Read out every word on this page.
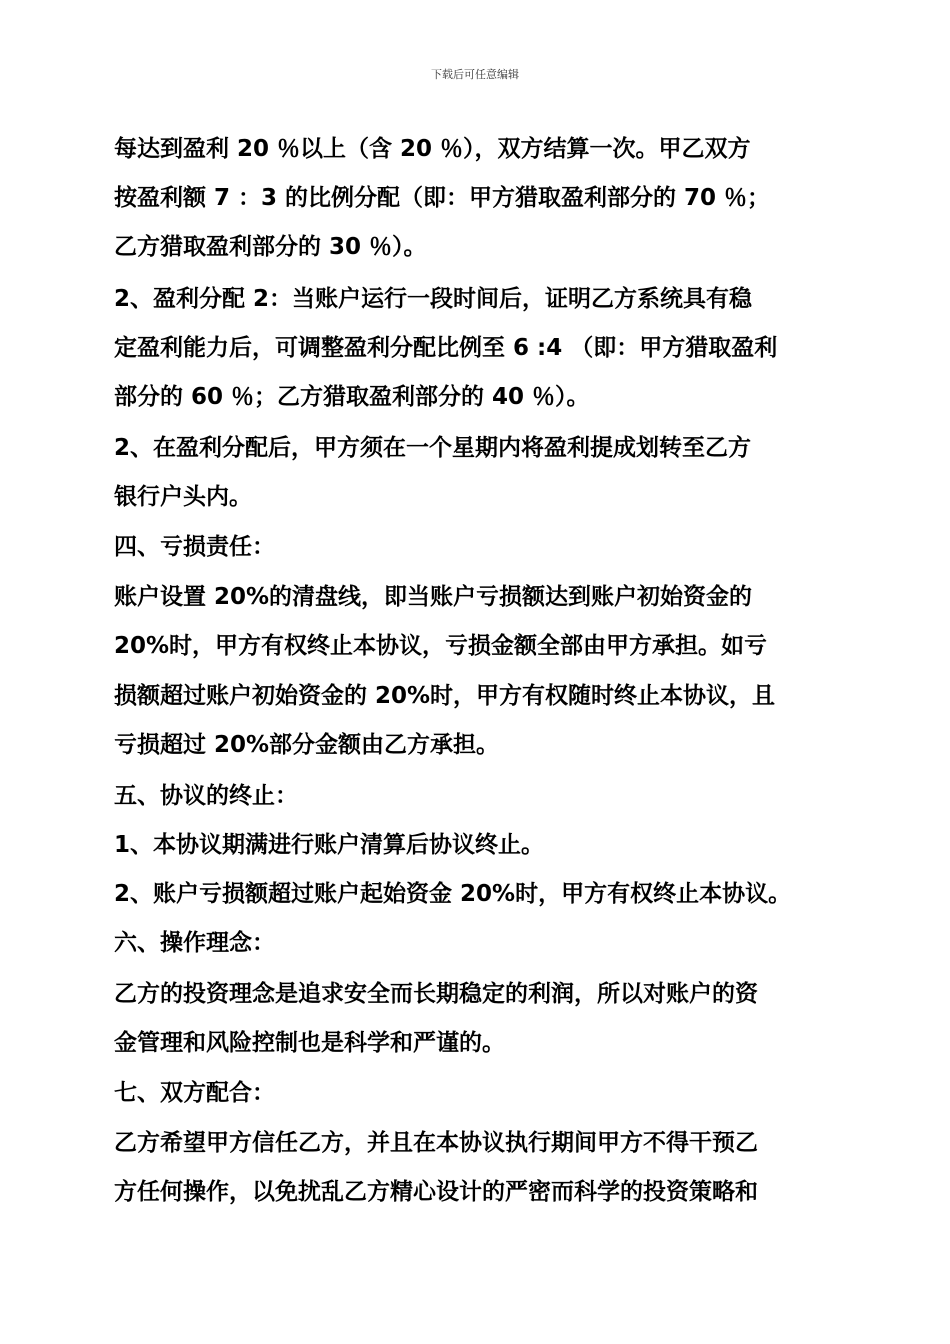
下载后可任意编辑
每达到盈利 20 ％以上（含 20 ％），双方结算一次。甲乙双方
按盈利额 7 ：3 的比例分配（即：甲方猎取盈利部分的 70 ％；
乙方猎取盈利部分的 30 ％）。
2、盈利分配 2：当账户运行一段时间后，证明乙方系统具有稳
定盈利能力后，可调整盈利分配比例至 6 :4 （即：甲方猎取盈利
部分的 60 ％；乙方猎取盈利部分的 40 ％）。
2、在盈利分配后，甲方须在一个星期内将盈利提成划转至乙方
银行户头内。
四、亏损责任：
账户设置 20%的清盘线，即当账户亏损额达到账户初始资金的
20%时，甲方有权终止本协议，亏损金额全部由甲方承担。如亏
损额超过账户初始资金的 20%时，甲方有权随时终止本协议，且
亏损超过 20%部分金额由乙方承担。
五、协议的终止：
1、本协议期满进行账户清算后协议终止。
2、账户亏损额超过账户起始资金 20%时，甲方有权终止本协议。
六、操作理念：
乙方的投资理念是追求安全而长期稳定的利润，所以对账户的资
金管理和风险控制也是科学和严谨的。
七、双方配合：
乙方希望甲方信任乙方，并且在本协议执行期间甲方不得干预乙
方任何操作，以免扰乱乙方精心设计的严密而科学的投资策略和
